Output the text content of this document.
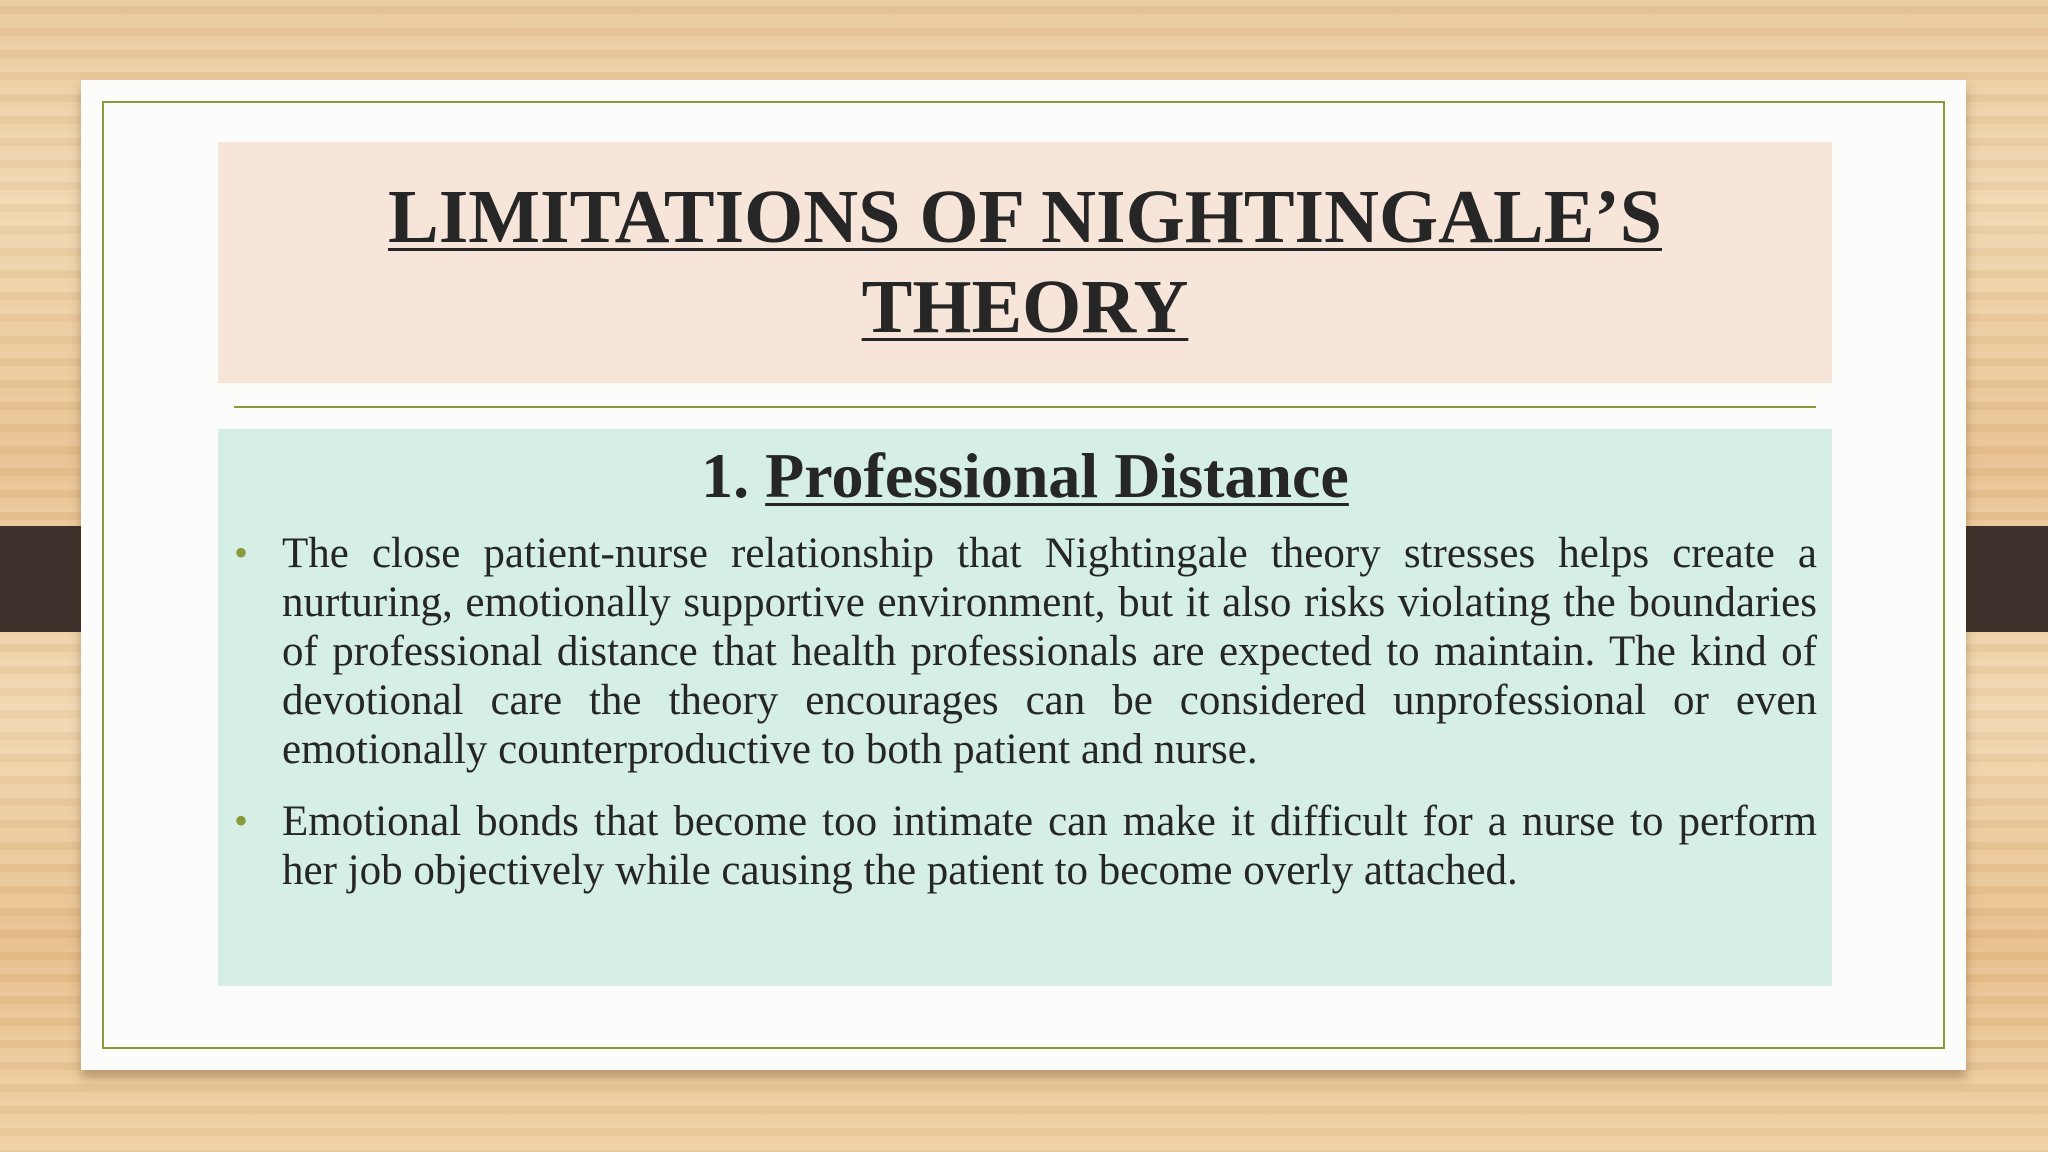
LIMITATIONS OF NIGHTINGALE’S
THEORY
1. Professional Distance
• The close patient-nurse relationship that Nightingale theory stresses helps create a nurturing, emotionally supportive environment, but it also risks violating the boundaries of professional distance that health professionals are expected to maintain. The kind of devotional care the theory encourages can be considered unprofessional or even emotionally counterproductive to both patient and nurse.
• Emotional bonds that become too intimate can make it difficult for a nurse to perform her job objectively while causing the patient to become overly attached.
